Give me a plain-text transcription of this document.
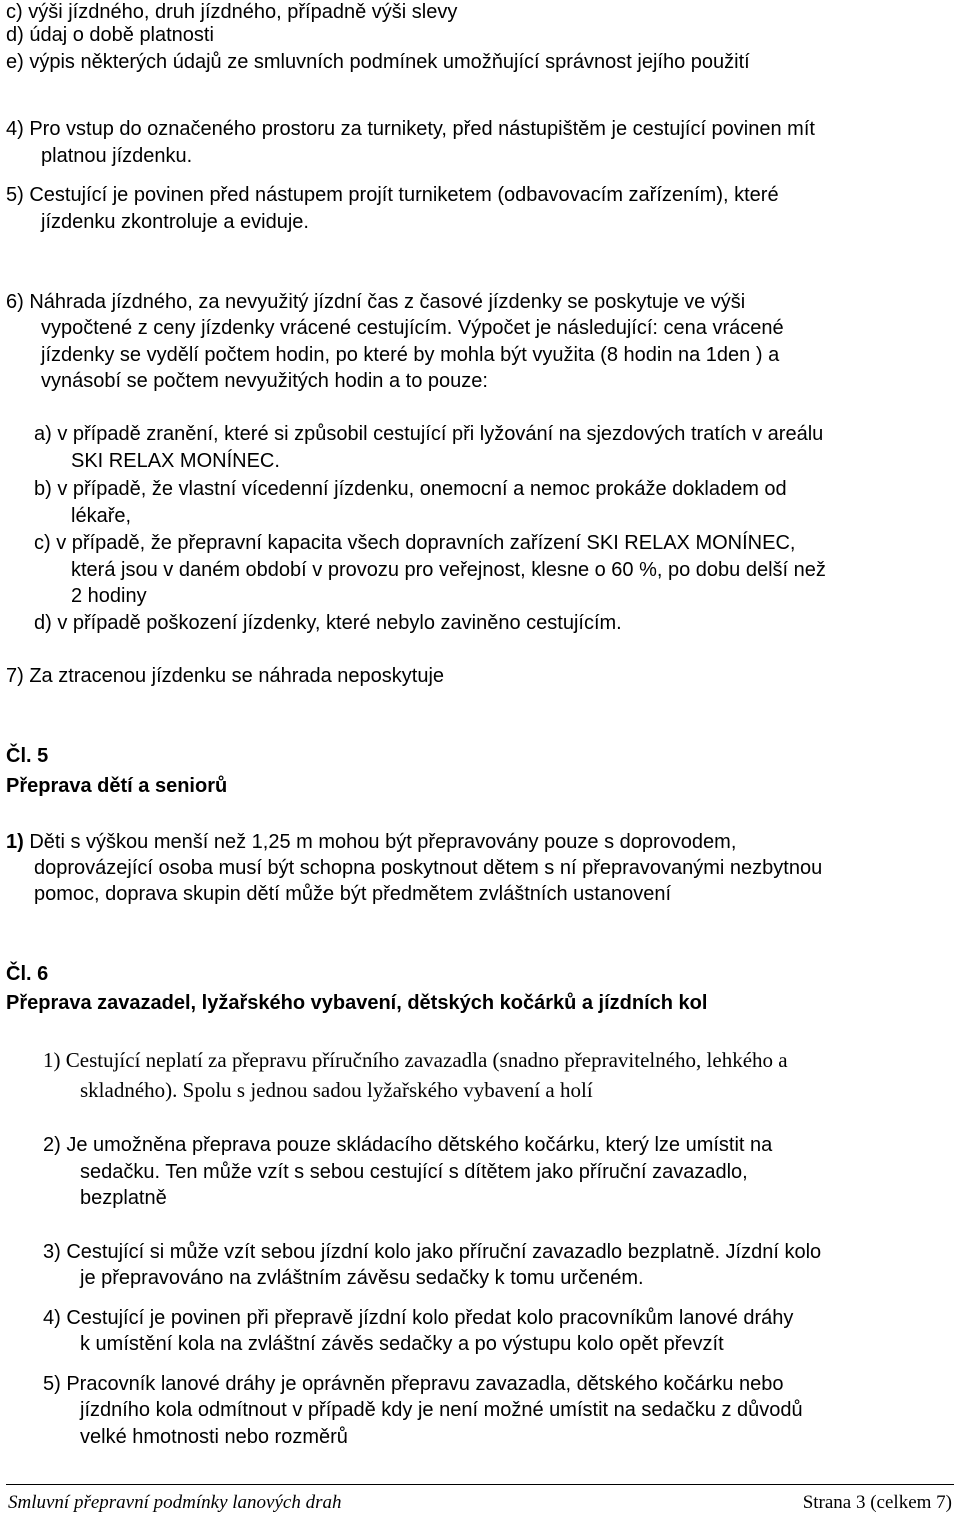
c) výši jízdného, druh jízdného, případně výši slevy
d) údaj o době platnosti
e) výpis některých údajů ze smluvních podmínek umožňující správnost jejího použití
4) Pro vstup do označeného prostoru za turnikety, před nástupištěm je cestující povinen mít
platnou jízdenku.
5) Cestující je povinen před nástupem projít turniketem (odbavovacím zařízením), které
jízdenku zkontroluje a eviduje.
6) Náhrada jízdného, za nevyužitý jízdní čas z časové jízdenky se poskytuje ve výši
vypočtené z ceny jízdenky vrácené cestujícím. Výpočet je následující: cena vrácené
jízdenky se vydělí počtem hodin, po které by mohla být využita (8 hodin na 1den ) a
vynásobí se počtem nevyužitých hodin a to pouze:
a) v případě zranění, které si způsobil cestující při lyžování na sjezdových tratích v areálu
SKI RELAX MONÍNEC.
b) v případě, že vlastní vícedenní jízdenku, onemocní a nemoc prokáže dokladem od
lékaře,
c) v případě, že přepravní kapacita všech dopravních zařízení SKI RELAX MONÍNEC,
která jsou v daném období v provozu pro veřejnost, klesne o 60 %, po dobu delší než
2 hodiny
d) v případě poškození jízdenky, které nebylo zaviněno cestujícím.
7) Za ztracenou jízdenku se náhrada neposkytuje
Čl. 5
Přeprava dětí a seniorů
1) Děti s výškou menší než 1,25 m mohou být přepravovány pouze s doprovodem,
doprovázející osoba musí být schopna poskytnout dětem s ní přepravovanými nezbytnou
pomoc, doprava skupin dětí může být předmětem zvláštních ustanovení
Čl. 6
Přeprava zavazadel, lyžařského vybavení, dětských kočárků a jízdních kol
1) Cestující neplatí za přepravu příručního zavazadla (snadno přepravitelného, lehkého a
skladného). Spolu s jednou sadou lyžařského vybavení a holí
2) Je umožněna přeprava pouze skládacího dětského kočárku, který lze umístit na
sedačku. Ten může vzít s sebou cestující s dítětem jako příruční zavazadlo,
bezplatně
3) Cestující si může vzít sebou jízdní kolo jako příruční zavazadlo bezplatně. Jízdní kolo
je přepravováno na zvláštním závěsu sedačky k tomu určeném.
4) Cestující je povinen při přepravě jízdní kolo předat kolo pracovníkům lanové dráhy
k umístění kola na zvláštní závěs sedačky a po výstupu kolo opět převzít
5) Pracovník lanové dráhy je oprávněn přepravu zavazadla, dětského kočárku nebo
jízdního kola odmítnout v případě kdy je není možné umístit na sedačku z důvodů
velké hmotnosti nebo rozměrů
Smluvní přepravní podmínky lanových drah	Strana 3 (celkem 7)
